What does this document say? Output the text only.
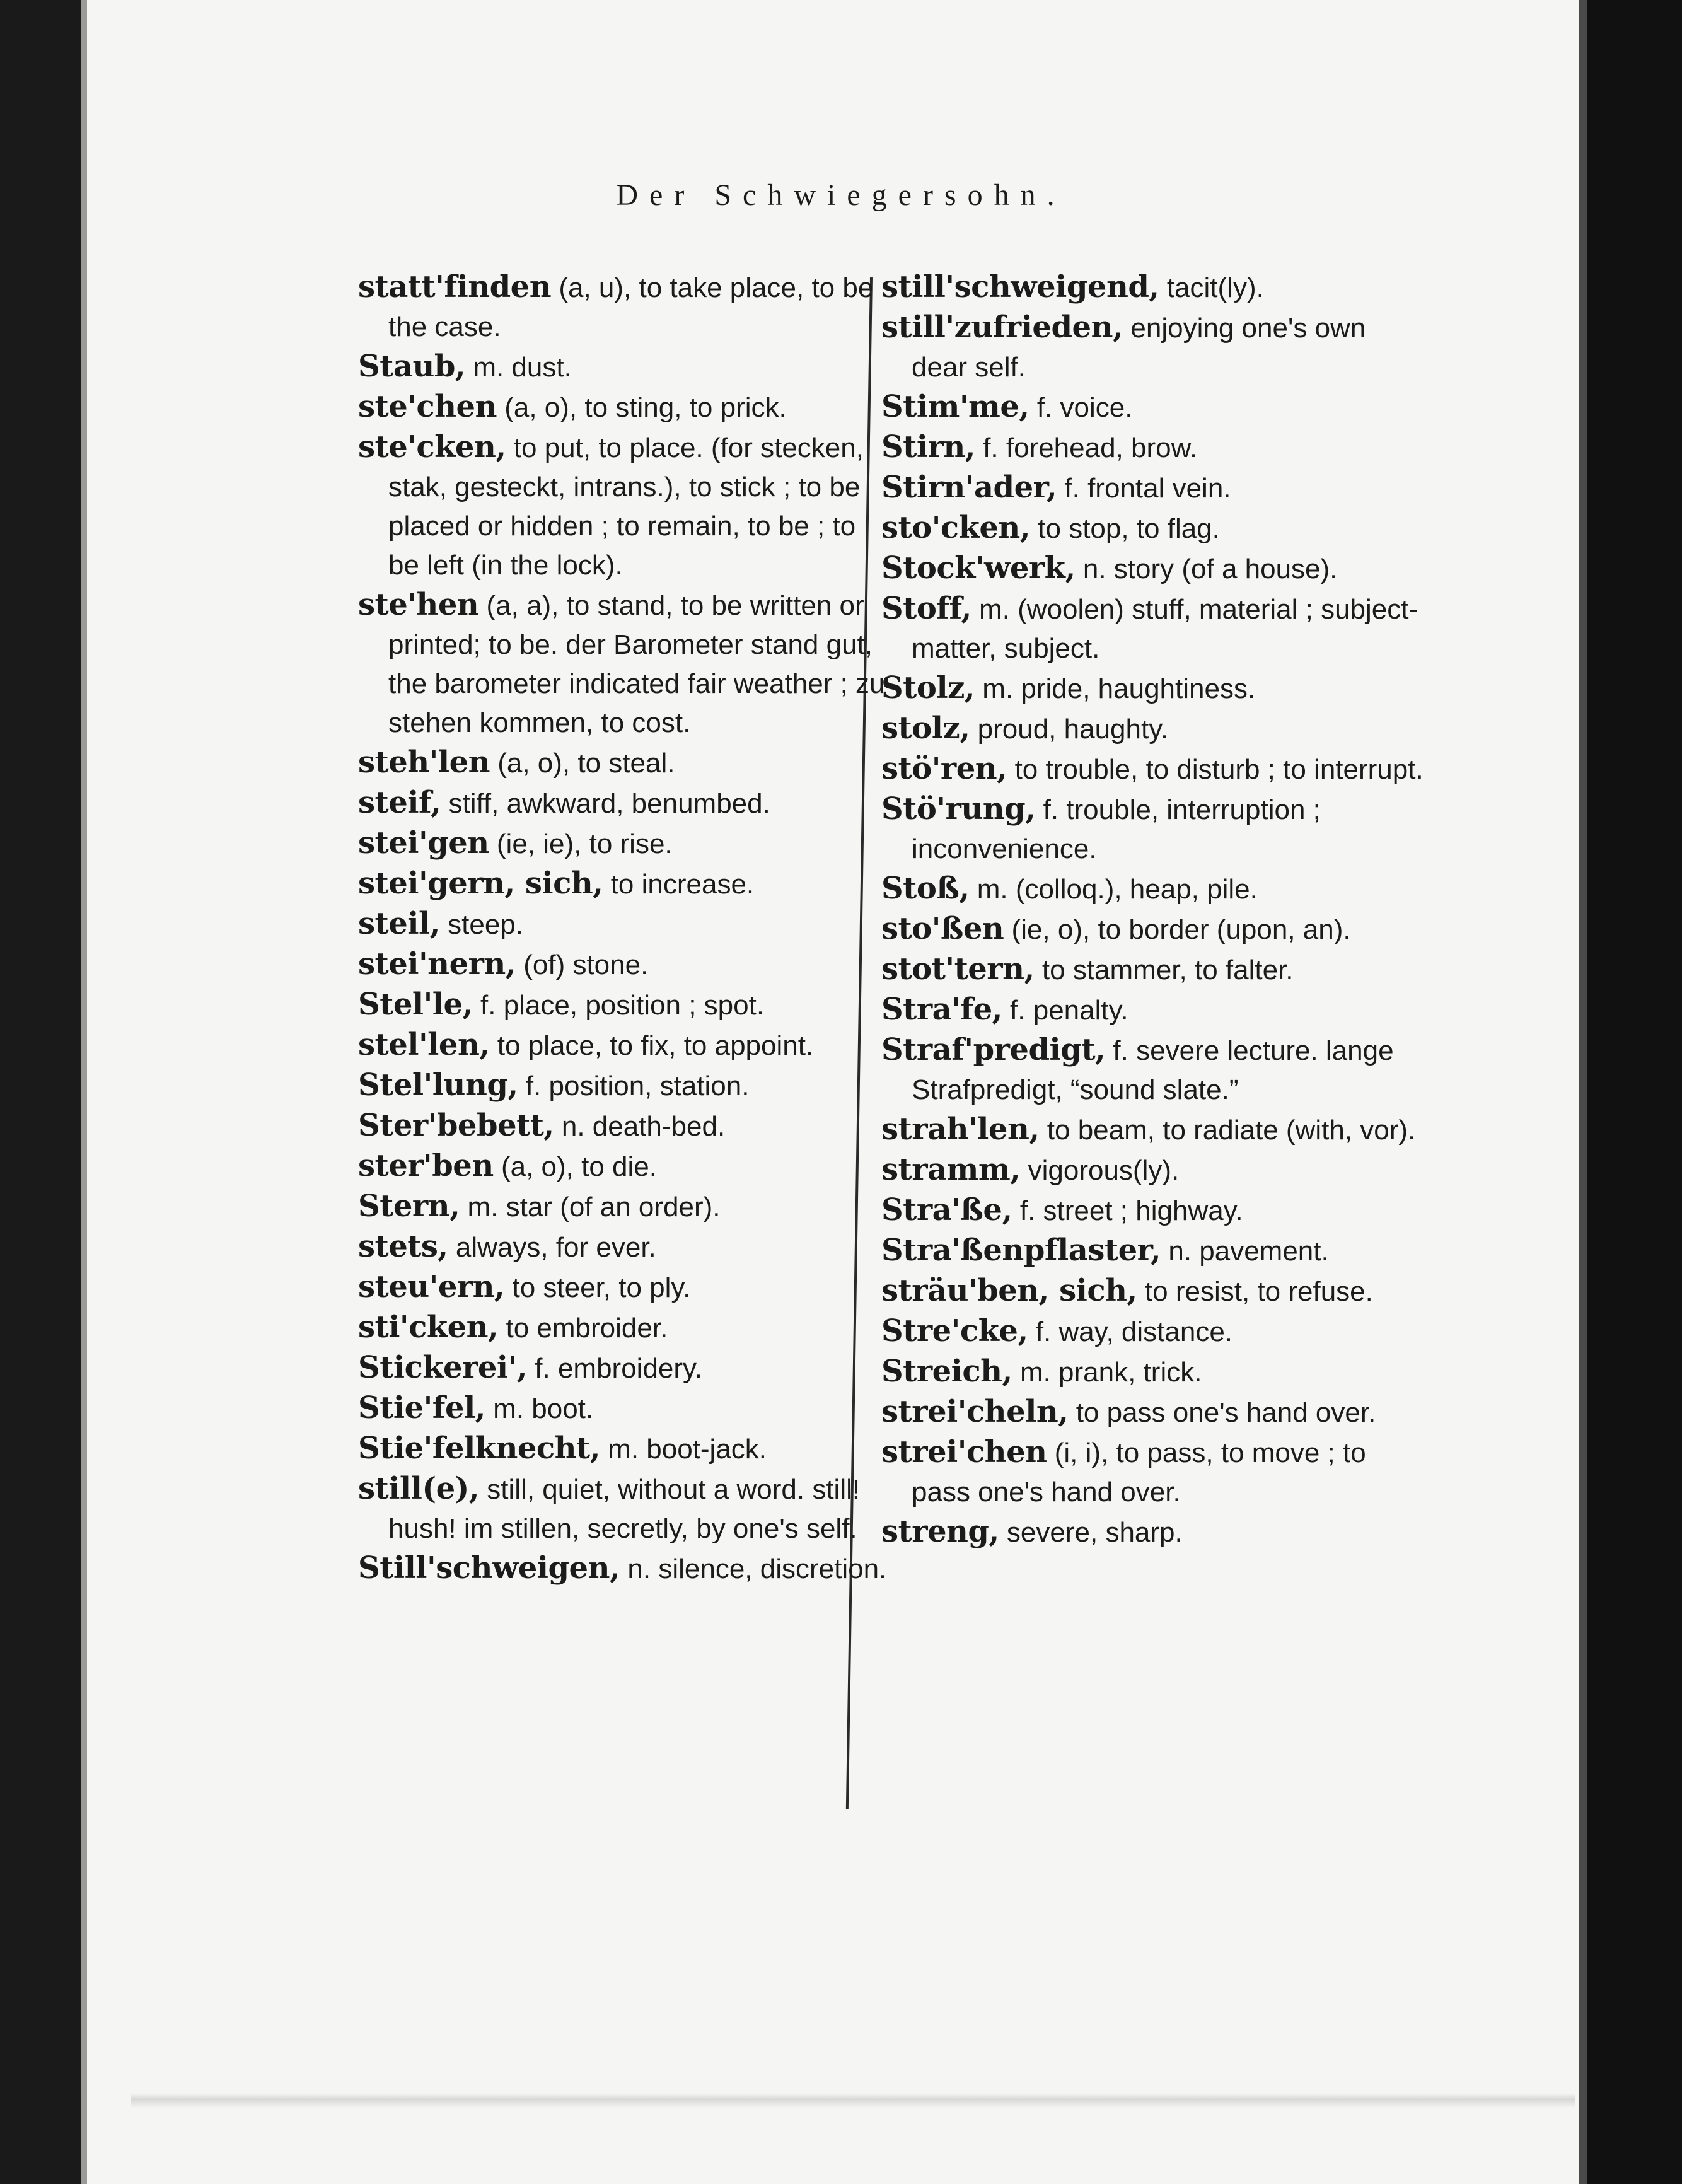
Der Schwiegersohn.
statt'finden (a, u), to take place, to be the case.
Staub, m. dust.
ste'chen (a, o), to sting, to prick.
ste'cken, to put, to place. (for stecken, stak, gesteckt, intrans.), to stick ; to be placed or hidden ; to remain, to be ; to be left (in the lock).
ste'hen (a, a), to stand, to be written or printed; to be. der Barometer stand gut, the barometer indicated fair weather ; zu stehen kommen, to cost.
steh'len (a, o), to steal.
steif, stiff, awkward, benumbed.
stei'gen (ie, ie), to rise.
stei'gern, sich, to increase.
steil, steep.
stei'nern, (of) stone.
Stel'le, f. place, position ; spot.
stel'len, to place, to fix, to appoint.
Stel'lung, f. position, station.
Ster'bebett, n. death-bed.
ster'ben (a, o), to die.
Stern, m. star (of an order).
stets, always, for ever.
steu'ern, to steer, to ply.
sti'cken, to embroider.
Stickerei', f. embroidery.
Stie'fel, m. boot.
Stie'felknecht, m. boot-jack.
still(e), still, quiet, without a word. still! hush! im stillen, secretly, by one's self.
Still'schweigen, n. silence, discretion.
still'schweigend, tacit(ly).
still'zufrieden, enjoying one's own dear self.
Stim'me, f. voice.
Stirn, f. forehead, brow.
Stirn'ader, f. frontal vein.
sto'cken, to stop, to flag.
Stock'werk, n. story (of a house).
Stoff, m. (woolen) stuff, material ; subject-matter, subject.
Stolz, m. pride, haughtiness.
stolz, proud, haughty.
stö'ren, to trouble, to disturb ; to interrupt.
Stö'rung, f. trouble, interruption ; inconvenience.
Stoß, m. (colloq.), heap, pile.
sto'ßen (ie, o), to border (upon, an).
stot'tern, to stammer, to falter.
Stra'fe, f. penalty.
Straf'predigt, f. severe lecture. lange Strafpredigt, “sound slate.”
strah'len, to beam, to radiate (with, vor).
stramm, vigorous(ly).
Stra'ße, f. street ; highway.
Stra'ßenpflaster, n. pavement.
sträu'ben, sich, to resist, to refuse.
Stre'cke, f. way, distance.
Streich, m. prank, trick.
strei'cheln, to pass one's hand over.
strei'chen (i, i), to pass, to move ; to pass one's hand over.
streng, severe, sharp.
